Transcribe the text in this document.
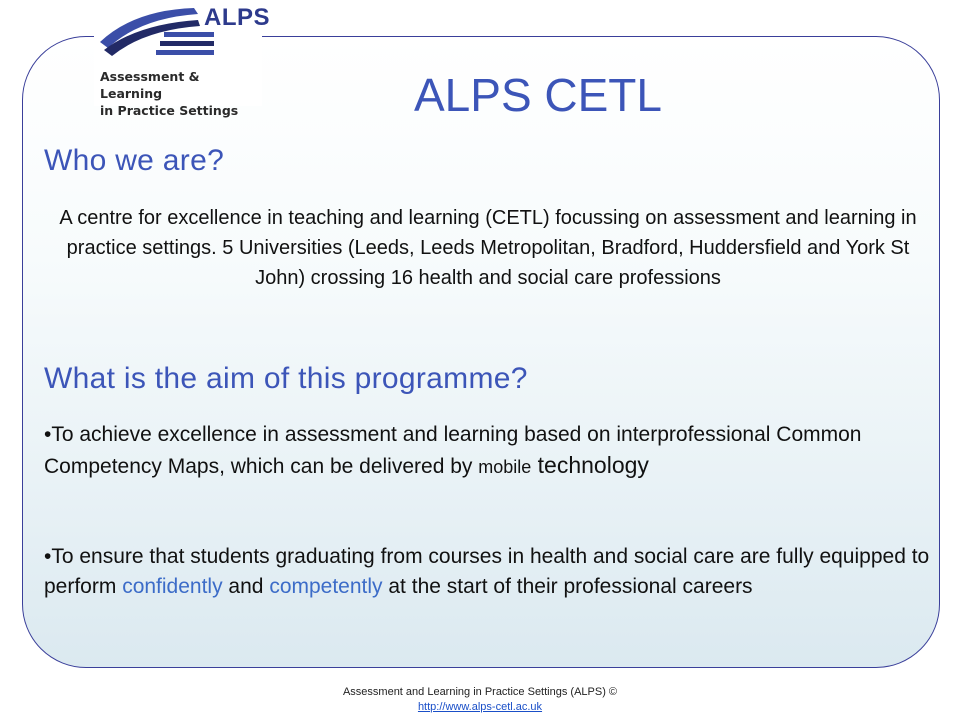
ALPS
Assessment & Learning
in Practice Settings	ALPS CETL
Who we are?
A centre for excellence in teaching and learning (CETL) focussing on assessment and learning in practice settings. 5 Universities (Leeds, Leeds Metropolitan, Bradford, Huddersfield and York St John) crossing 16 health and social care professions
What is the aim of this programme?
•To achieve excellence in assessment and learning based on interprofessional Common Competency Maps, which can be delivered by mobile technology
•To ensure that students graduating from courses in health and social care are fully equipped to perform confidently and competently at the start of their professional careers
Assessment and Learning in Practice Settings (ALPS) ©
http://www.alps-cetl.ac.uk
